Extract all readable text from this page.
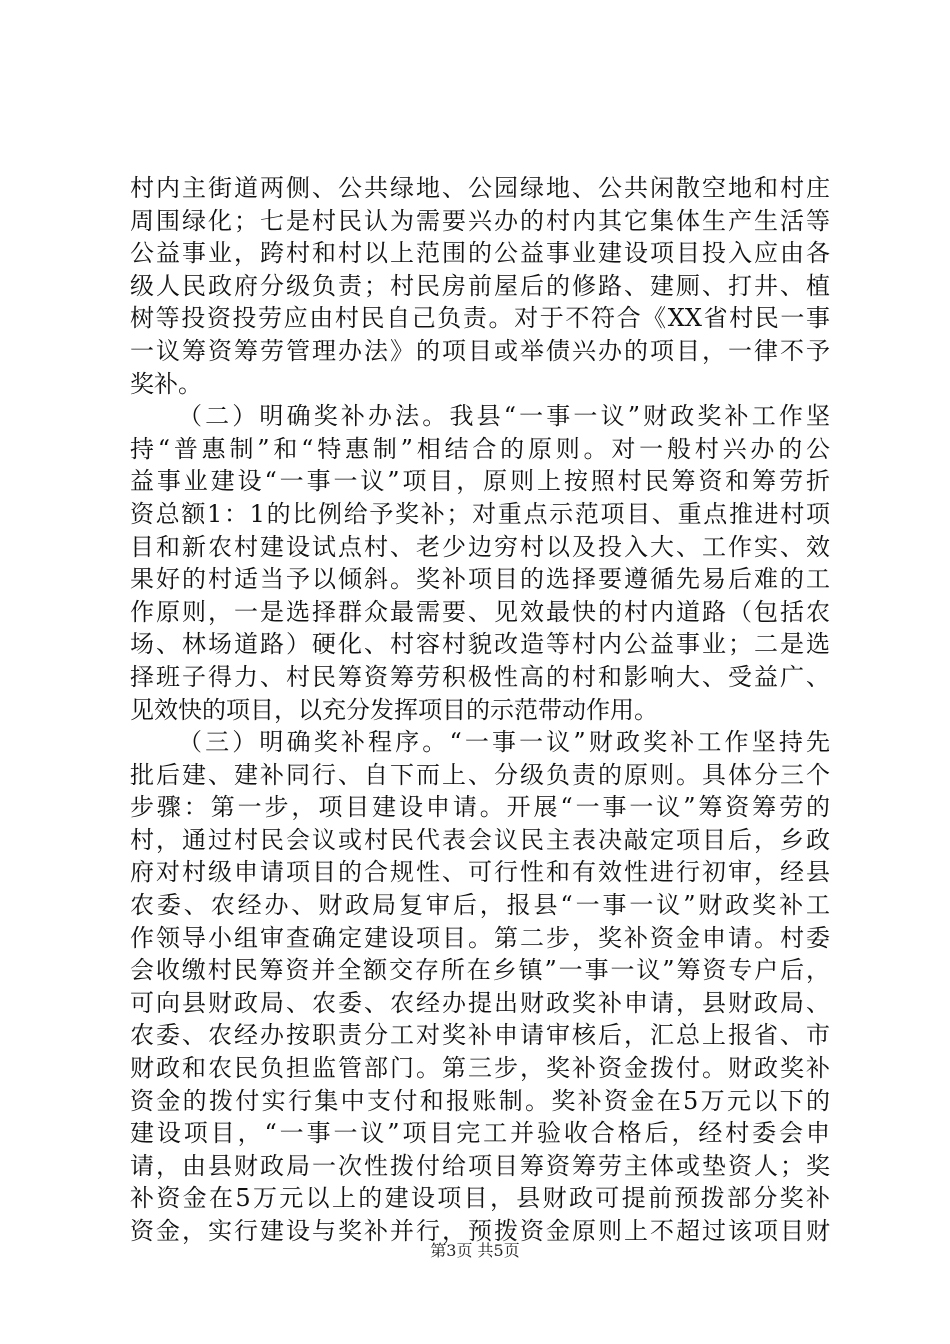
村内主街道两侧、公共绿地、公园绿地、公共闲散空地和村庄
周围绿化；七是村民认为需要兴办的村内其它集体生产生活等
公益事业，跨村和村以上范围的公益事业建设项目投入应由各
级人民政府分级负责；村民房前屋后的修路、建厕、打井、植
树等投资投劳应由村民自己负责。对于不符合《XX省村民一事
一议筹资筹劳管理办法》的项目或举债兴办的项目，一律不予
奖补。
（二）明确奖补办法。我县“一事一议”财政奖补工作坚
持“普惠制”和“特惠制”相结合的原则。对一般村兴办的公
益事业建设“一事一议”项目，原则上按照村民筹资和筹劳折
资总额1：1的比例给予奖补；对重点示范项目、重点推进村项
目和新农村建设试点村、老少边穷村以及投入大、工作实、效
果好的村适当予以倾斜。奖补项目的选择要遵循先易后难的工
作原则，一是选择群众最需要、见效最快的村内道路（包括农
场、林场道路）硬化、村容村貌改造等村内公益事业；二是选
择班子得力、村民筹资筹劳积极性高的村和影响大、受益广、
见效快的项目，以充分发挥项目的示范带动作用。
（三）明确奖补程序。“一事一议”财政奖补工作坚持先
批后建、建补同行、自下而上、分级负责的原则。具体分三个
步骤：第一步，项目建设申请。开展“一事一议”筹资筹劳的
村，通过村民会议或村民代表会议民主表决敲定项目后，乡政
府对村级申请项目的合规性、可行性和有效性进行初审，经县
农委、农经办、财政局复审后，报县“一事一议”财政奖补工
作领导小组审查确定建设项目。第二步，奖补资金申请。村委
会收缴村民筹资并全额交存所在乡镇”一事一议”筹资专户后，
可向县财政局、农委、农经办提出财政奖补申请，县财政局、
农委、农经办按职责分工对奖补申请审核后，汇总上报省、市
财政和农民负担监管部门。第三步，奖补资金拨付。财政奖补
资金的拨付实行集中支付和报账制。奖补资金在5万元以下的
建设项目，“一事一议”项目完工并验收合格后，经村委会申
请，由县财政局一次性拨付给项目筹资筹劳主体或垫资人；奖
补资金在5万元以上的建设项目，县财政可提前预拨部分奖补
资金，实行建设与奖补并行，预拨资金原则上不超过该项目财
第3页 共5页
